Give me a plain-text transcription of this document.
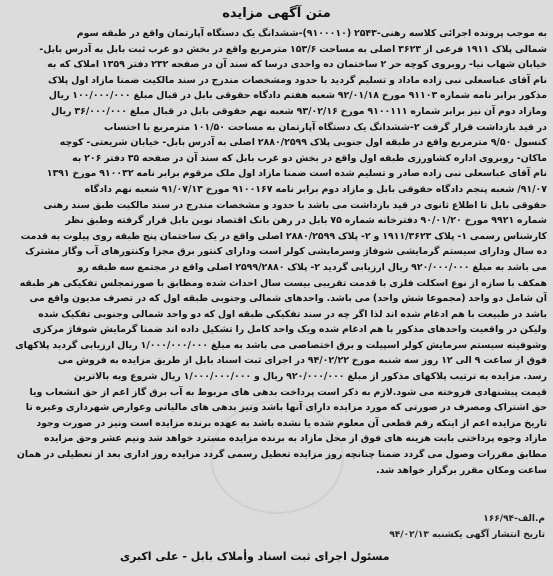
متن آگهی مزایده
به موجب پرونده اجرائی کلاسه رهنی-۲۵۴۳ (۹۱۰۰۰۱۰)-ششدانگ یک دستگاه آپارتمان واقع در طبقه سوم
شمالی پلاک ۱۹۱۱ فرعی از ۳۶۲۳ اصلی به مساحت ۱۵۳/۶ مترمربع واقع در بخش دو غرب ثبت بابل به آدرس بابل-
خیابان شهاب نیا- روبروی کوچه حر ۲ ساختمان ده واحدی درسا که سند آن در صفحه ۲۳۲ دفتر ۱۳۵۹ املاک که به
نام آقای عباسعلی نبی زاده ماداد و تسلیم گردید با حدود ومشخصات مندرج در سند مالکیت ضمنا مازاد اول پلاک
مذکور برابر نامه شماره ۹۱۱۰۳ مورخ ۹۲/۰۱/۱۸ شعبه هفتم دادگاه حقوقی بابل در قبال مبلغ ۱۰۰/۰۰۰/۰۰۰ ریال
ومازاد دوم آن نیز برابر شماره ۹۱۰۰۱۱۱ مورخ ۹۳/۰۲/۱۶ شعبه نهم حقوقی بابل در قبال مبلغ ۳۶/۰۰۰/۰۰۰ ریال
در قید بازداشت قرار گرفت ۲-ششدانگ یک دستگاه آپارتمان به مساحت ۱۰۱/۵۰ مترمربع با احتساب
کنسول ۹/۵۰ مترمربع واقع در طبقه اول جنوبی پلاک ۲۸۸۰/۲۵۹۹ اصلی به آدرس بابل- خیابان شریعتی- کوچه
ماکان- روبروی اداره کشاورزی طبقه اول واقع در بخش دو غرب بابل که سند آن در صفحه ۳۵ دفتر ۲۰۶ به
نام آقای عباسعلی نبی زاده صادر و تسلیم شده است ضمنا مازاد اول ملک مرقوم برابر نامه ۹۱۰۰۳۲ مورخ ۱۳۹۱
۹۱/۰۷/ شعبه پنجم دادگاه حقوقی بابل و مازاد دوم برابر نامه ۹۱۰۰۱۶۷ مورخ ۹۱/۰۷/۱۳ شعبه نهم دادگاه
حقوقی بابل تا اطلاع ثانوی در قید بازداشت می باشد با حدود و مشخصات مندرج در سند مالکیت طبق سند رهنی
شماره ۹۹۲۱ مورخ ۹۰/۰۱/۲۰ دفترخانه شماره ۷۵ بابل در رهن بانک اقتصاد نوین بابل قرار گرفته وطبق نظر
کارشناس رسمی ۱- پلاک ۱۹۱۱/۳۶۲۳ و ۲- پلاک ۲۸۸۰/۲۵۹۹ اصلی واقع در یک ساختمان پنج طبقه روی پیلوت به قدمت
ده سال ودارای سیستم گرمایشی شوفاژ وسرمایشی کولر است ودارای کنتور برق مجزا وکنتورهای آب وگاز مشترک
می باشد به مبلغ ۹۲۰/۰۰۰/۰۰۰ ریال ارزیابی گردید ۲- پلاک ۲۵۹۹/۲۸۸۰ اصلی واقع در مجتمع سه طبقه رو
همکف با سازه از نوع اسکلت فلزی با قدمت تقریبی بیست سال احداث شده ومطابق با صورتمجلس تفکیکی هر طبقه
آن شامل دو واحد (مجموعا شش واحد) می باشد. واحدهای شمالی وجنوبی طبقه اول که در تصرف مدیون واقع می
باشد در طبیعت با هم ادغام شده اند لذا اگر چه در سند تفکیکی طبقه اول که دو واحد شمالی وجنوبی تفکیک شده
ولیکن در واقعیت واحدهای مذکور با هم ادغام شده ویک واحد کامل را تشکیل داده اند ضمنا گرمایش شوفاژ مرکزی
وشوفینه سیستم سرمایش کولر اسپیلت و برق اختصاصی می باشد به مبلغ ۱/۰۰۰/۰۰۰/۰۰۰ ریال ارزیابی گردید پلاکهای
فوق از ساعت ۹ الی ۱۲ روز سه شنبه مورخ ۹۴/۰۲/۲۲ در اجرای ثبت اسناد بابل از طریق مزایده به فروش می
رسد. مزایده به ترتیب پلاکهای مذکور از مبلغ ۹۲۰/۰۰۰/۰۰۰ ریال و ۱/۰۰۰/۰۰۰/۰۰۰ ریال شروع وبه بالاترین
قیمت پیشنهادی فروخته می شود.لازم به ذکر است پرداخت بدهی های مربوط به آب برق گاز اعم از حق انشعاب ویا
حق اشتراک ومصرف در صورتی که مورد مزایده دارای آنها باشد ونیز بدهی های مالیاتی وعوارض شهرداری وغیره تا
تاریخ مزایده اعم از اینکه رقم قطعی آن معلوم شده یا نشده باشد به عهده برنده مزایده است ونیز در صورت وجود
مازاد وجوه پرداختی بابت هزینه های فوق از محل مازاد به برنده مزایده مسترد خواهد شد ونیم عشر وحق مزایده
مطابق مقررات وصول می گردد ضمنا چنانچه روز مزایده تعطیل رسمی گردد مزایده روز اداری بعد از تعطیلی در همان
ساعت ومکان مقرر برگزار خواهد شد.
م.الف-۱۶۶/۹۴
تاریخ انتشار آگهی یکشنبه ۹۴/۰۲/۱۳
مسئول اجرای ثبت اسناد وأملاک بابل - علی اکبری
